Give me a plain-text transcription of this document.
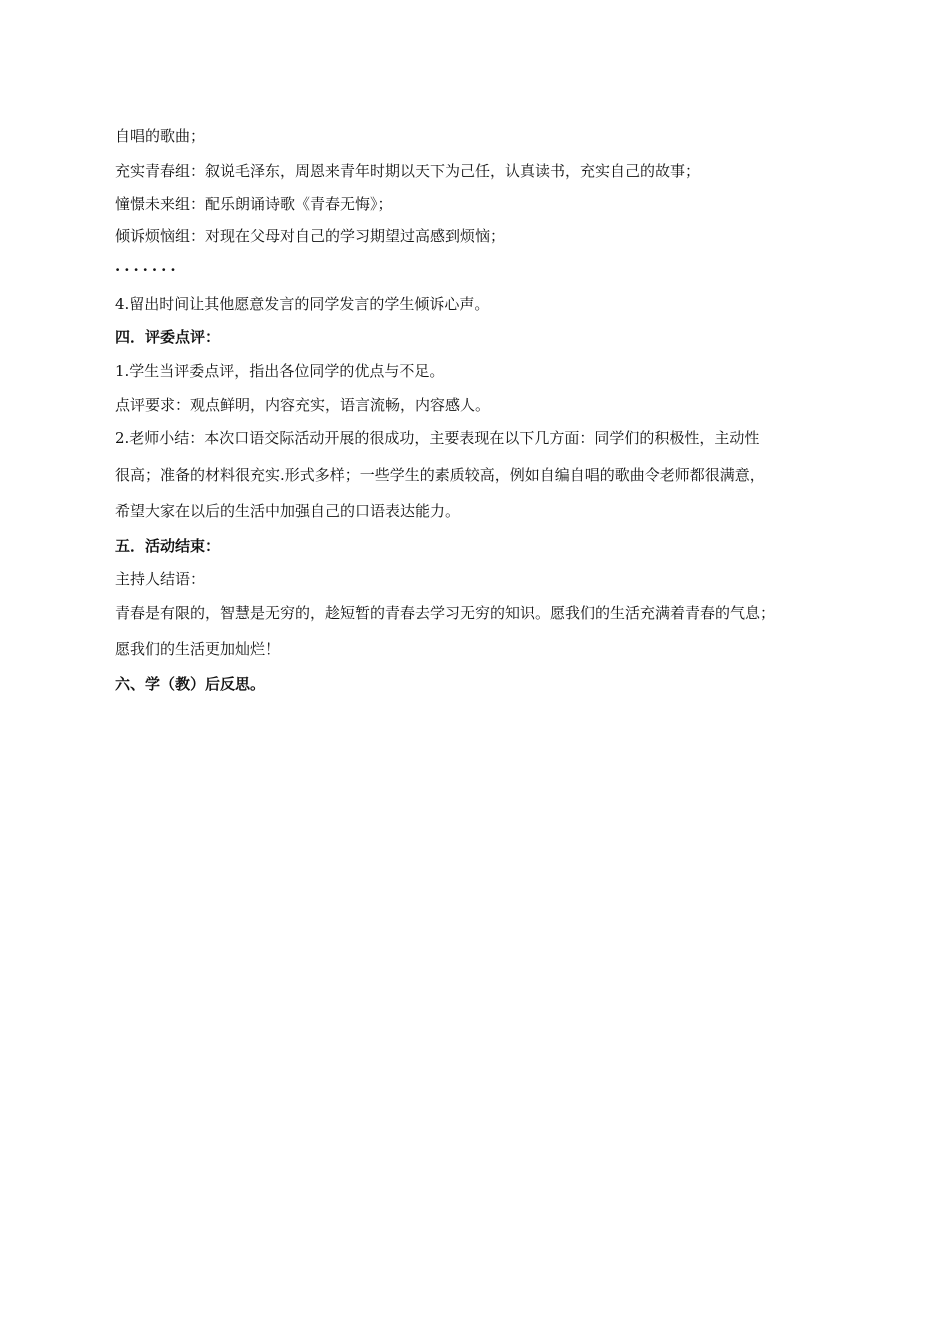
自唱的歌曲；
充实青春组：叙说毛泽东，周恩来青年时期以天下为己任，认真读书，充实自己的故事；
憧憬未来组：配乐朗诵诗歌《青春无悔》；
倾诉烦恼组：对现在父母对自己的学习期望过高感到烦恼；
·······
4.留出时间让其他愿意发言的同学发言的学生倾诉心声。
四．评委点评：
1.学生当评委点评，指出各位同学的优点与不足。
点评要求：观点鲜明，内容充实，语言流畅，内容感人。
2.老师小结：本次口语交际活动开展的很成功，主要表现在以下几方面：同学们的积极性，主动性
很高；准备的材料很充实.形式多样；一些学生的素质较高，例如自编自唱的歌曲令老师都很满意，
希望大家在以后的生活中加强自己的口语表达能力。
五．活动结束：
主持人结语：
青春是有限的，智慧是无穷的，趁短暂的青春去学习无穷的知识。愿我们的生活充满着青春的气息；
愿我们的生活更加灿烂！
六、学（教）后反思。
